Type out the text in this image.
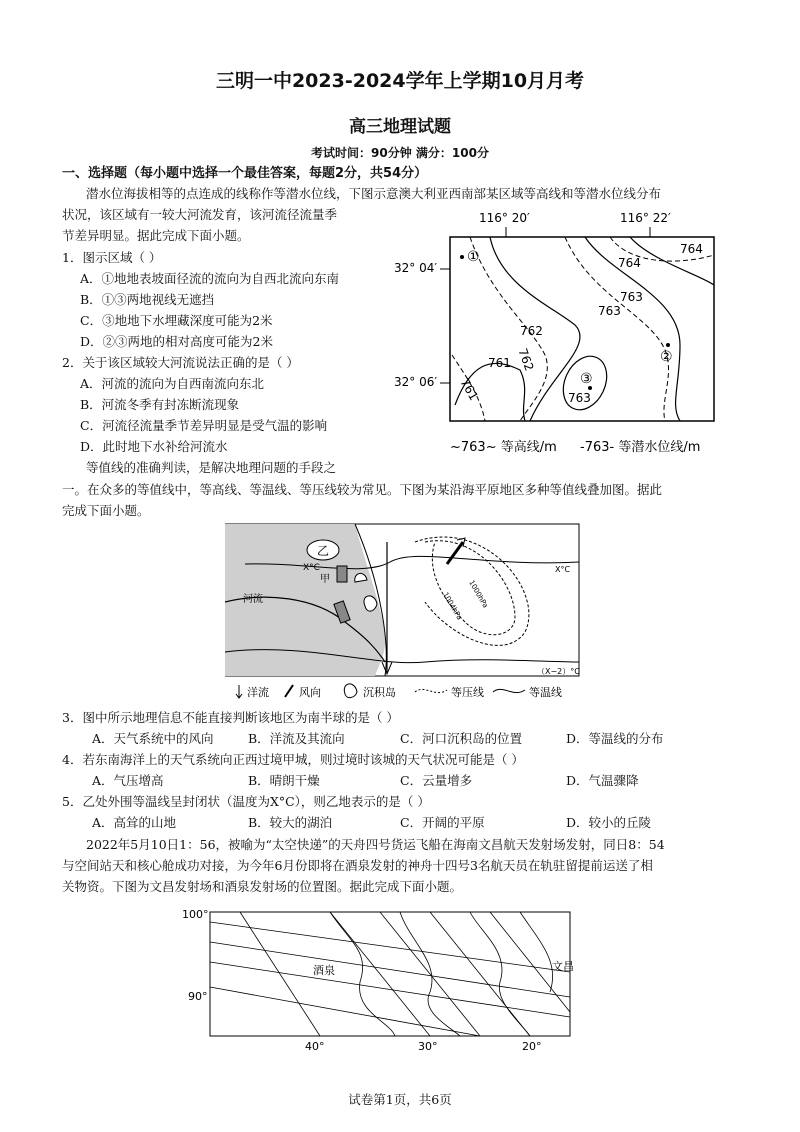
三明一中2023-2024学年上学期10月月考
高三地理试题
考试时间：90分钟 满分：100分
一、选择题（每小题中选择一个最佳答案，每题2分，共54分）
潜水位海拔相等的点连成的线称作等潜水位线，下图示意澳大利亚西南部某区域等高线和等潜水位线分布
状况，该区域有一较大河流发育，该河流径流量季
节差异明显。据此完成下面小题。
1．图示区域（ ）
A．①地地表坡面径流的流向为自西北流向东南
B．①③两地视线无遮挡
C．③地地下水埋藏深度可能为2米
D．②③两地的相对高度可能为2米
2．关于该区域较大河流说法正确的是（ ）
A．河流的流向为自西南流向东北
B．河流冬季有封冻断流现象
C．河流径流量季节差异明显是受气温的影响
D．此时地下水补给河流水
116° 20′	116° 22′
32° 04′
32° 06′
764
764
763
763
763
762
762
761
761
①
②
③
~763~ 等高线/m -763- 等潜水位线/m
等值线的准确判读，是解决地理问题的手段之
一。在众多的等值线中，等高线、等温线、等压线较为常见。下图为某沿海平原地区多种等值线叠加图。据此
完成下面小题。
乙
X°C
甲
河流
X°C
1000hPa
1004hPa
（X−2）°C
洋流	风向	沉积岛	等压线	等温线
3．图中所示地理信息不能直接判断该地区为南半球的是（ ）
A．天气系统中的风向	B．洋流及其流向	C．河口沉积岛的位置	D．等温线的分布
4．若东南海洋上的天气系统向正西过境甲城，则过境时该城的天气状况可能是（ ）
A．气压增高	B．晴朗干燥	C．云量增多	D．气温骤降
5．乙处外围等温线呈封闭状（温度为X°C），则乙地表示的是（ ）
A．高耸的山地	B．较大的湖泊	C．开阔的平原	D．较小的丘陵
2022年5月10日1：56，被喻为“太空快递”的天舟四号货运飞船在海南文昌航天发射场发射，同日8：54
与空间站天和核心舱成功对接，为今年6月份即将在酒泉发射的神舟十四号3名航天员在轨驻留提前运送了相
关物资。下图为文昌发射场和酒泉发射场的位置图。据此完成下面小题。
100°
90°
40°	30°	20°
酒泉	文昌
试卷第1页，共6页
